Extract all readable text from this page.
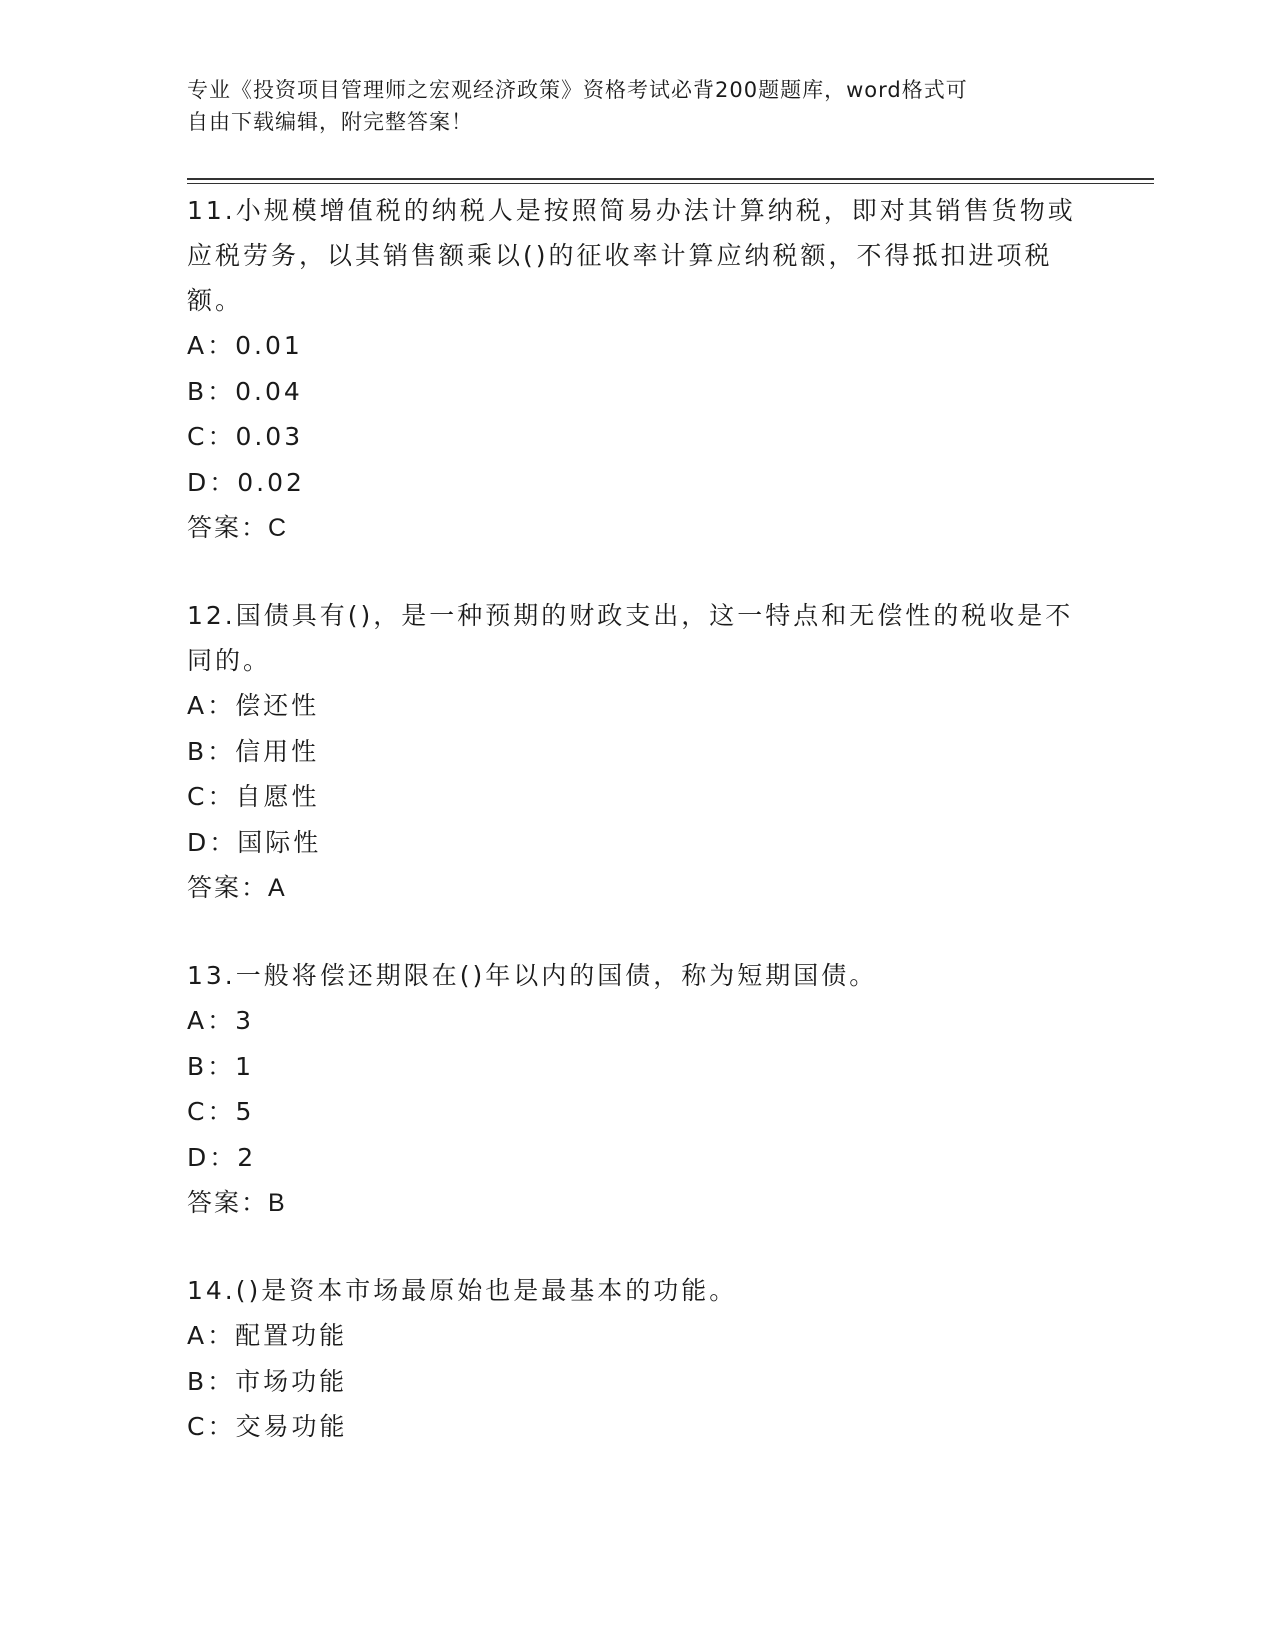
专业《投资项目管理师之宏观经济政策》资格考试必背200题题库，word格式可
自由下载编辑，附完整答案！
11.小规模增值税的纳税人是按照简易办法计算纳税，即对其销售货物或应税劳务，以其销售额乘以()的征收率计算应纳税额，不得抵扣进项税额。
A：0.01
B：0.04
C：0.03
D：0.02
答案：C
12.国债具有()，是一种预期的财政支出，这一特点和无偿性的税收是不同的。
A：偿还性
B：信用性
C：自愿性
D：国际性
答案：A
13.一般将偿还期限在()年以内的国债，称为短期国债。
A：3
B：1
C：5
D：2
答案：B
14.()是资本市场最原始也是最基本的功能。
A：配置功能
B：市场功能
C：交易功能
